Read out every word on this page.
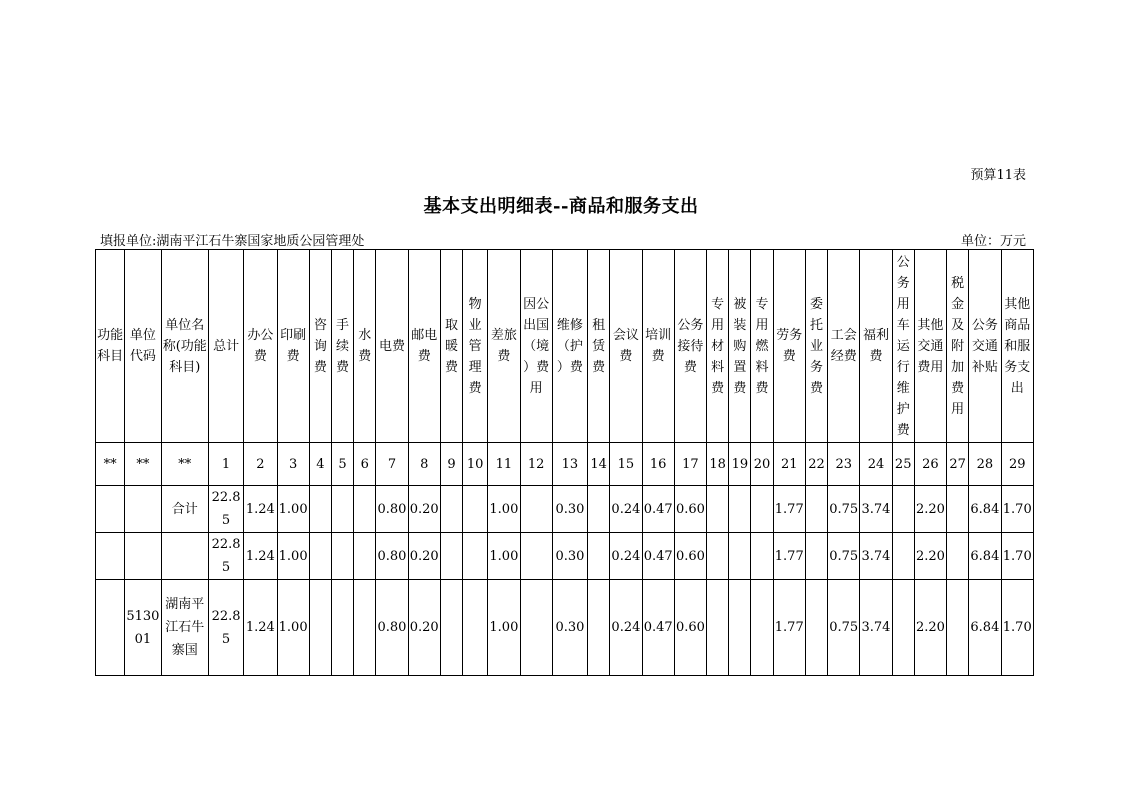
预算11表
基本支出明细表--商品和服务支出
填报单位:湖南平江石牛寨国家地质公园管理处	单位：万元
功能科目	单位代码	单位名称(功能科目)	总计	办公费	印刷费	咨询费	手续费	水费	电费	邮电费	取暖费	物业管理费	差旅费	因公出国（境）费用	维修（护）费	租赁费	会议费	培训费	公务接待费	专用材料费	被装购置费	专用燃料费	劳务费	委托业务费	工会经费	福利费	公务用车运行维护费	其他交通费用	税金及附加费用	公务交通补贴	其他商品和服务支出
**	**	**	1	2	3	4	5	6	7	8	9	10	11	12	13	14	15	16	17	18	19	20	21	22	23	24	25	26	27	28	29
		合计	22.85	1.24	1.00				0.80	0.20			1.00		0.30		0.24	0.47	0.60				1.77		0.75	3.74		2.20		6.84	1.70
			22.85	1.24	1.00				0.80	0.20			1.00		0.30		0.24	0.47	0.60				1.77		0.75	3.74		2.20		6.84	1.70
	513001	湖南平江石牛寨国	22.85	1.24	1.00				0.80	0.20			1.00		0.30		0.24	0.47	0.60				1.77		0.75	3.74		2.20		6.84	1.70
